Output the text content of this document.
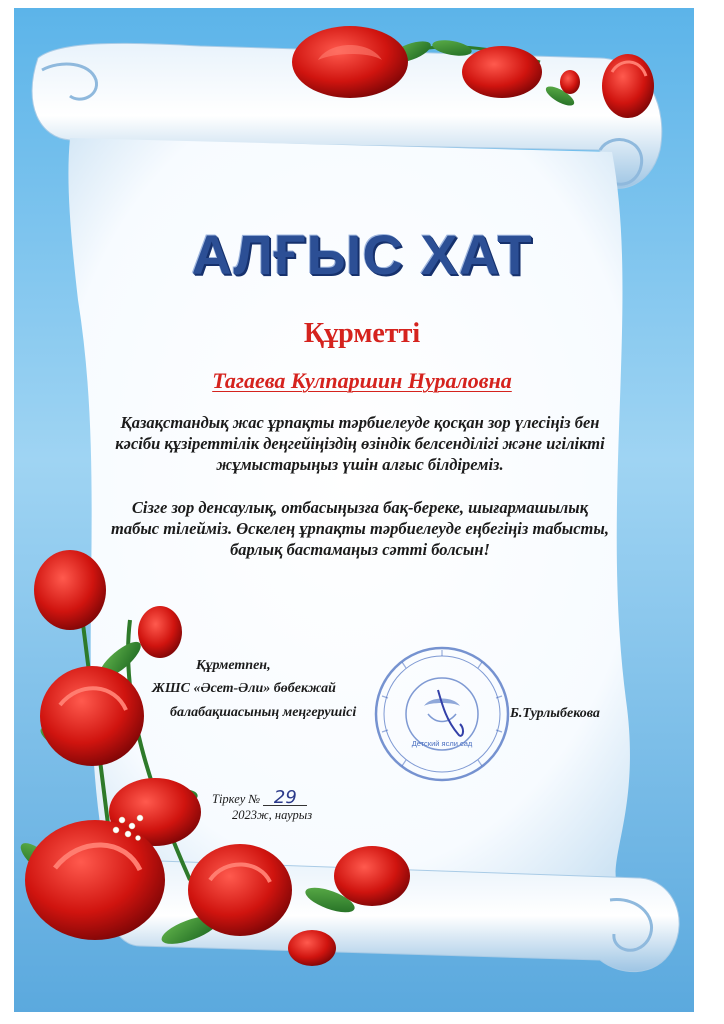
АЛҒЫС ХАТ
Құрметті
Тагаева Кулпаршин Нураловна
Қазақстандық жас ұрпақты тәрбиелеуде қосқан зор үлесіңіз бен кәсіби құзіреттілік деңгейіңіздің өзіндік белсенділігі және игілікті жұмыстарыңыз үшін алғыс білдіреміз.
Сізге зор денсаулық, отбасыңызға бақ-береке, шығармашылық табыс тілейміз. Өскелең ұрпақты тәрбиелеуде еңбегіңіз табысты, барлық бастамаңыз сәтті болсын!
Құрметпен,
ЖШС «Әсет-Әли» бөбекжай
балабақшасының меңгерушісі	Б.Турлыбекова
Детский ясли сад
Тіркеу № 29
2023ж, наурыз
